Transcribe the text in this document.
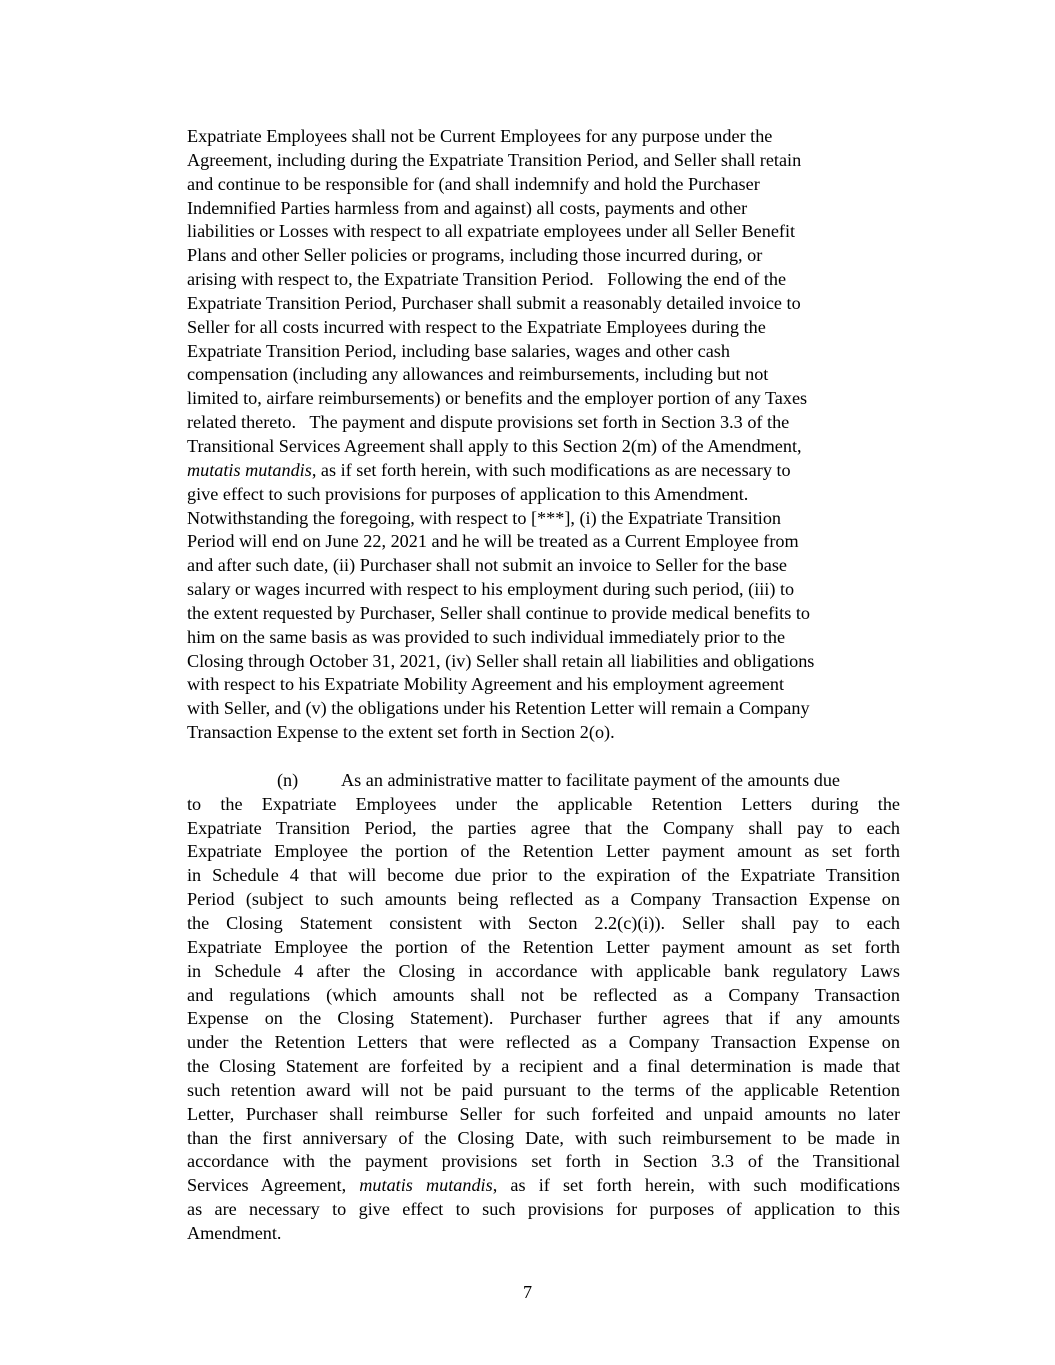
Expatriate Employees shall not be Current Employees for any purpose under the
Agreement, including during the Expatriate Transition Period, and Seller shall retain
and continue to be responsible for (and shall indemnify and hold the Purchaser
Indemnified Parties harmless from and against) all costs, payments and other
liabilities or Losses with respect to all expatriate employees under all Seller Benefit
Plans and other Seller policies or programs, including those incurred during, or
arising with respect to, the Expatriate Transition Period.   Following the end of the
Expatriate Transition Period, Purchaser shall submit a reasonably detailed invoice to
Seller for all costs incurred with respect to the Expatriate Employees during the
Expatriate Transition Period, including base salaries, wages and other cash
compensation (including any allowances and reimbursements, including but not
limited to, airfare reimbursements) or benefits and the employer portion of any Taxes
related thereto.   The payment and dispute provisions set forth in Section 3.3 of the
Transitional Services Agreement shall apply to this Section 2(m) of the Amendment,
mutatis mutandis, as if set forth herein, with such modifications as are necessary to
give effect to such provisions for purposes of application to this Amendment.
Notwithstanding the foregoing, with respect to [***], (i) the Expatriate Transition
Period will end on June 22, 2021 and he will be treated as a Current Employee from
and after such date, (ii) Purchaser shall not submit an invoice to Seller for the base
salary or wages incurred with respect to his employment during such period, (iii) to
the extent requested by Purchaser, Seller shall continue to provide medical benefits to
him on the same basis as was provided to such individual immediately prior to the
Closing through October 31, 2021, (iv) Seller shall retain all liabilities and obligations
with respect to his Expatriate Mobility Agreement and his employment agreement
with Seller, and (v) the obligations under his Retention Letter will remain a Company
Transaction Expense to the extent set forth in Section 2(o).
(n) As an administrative matter to facilitate payment of the amounts due
to the Expatriate Employees under the applicable Retention Letters during the
Expatriate Transition Period, the parties agree that the Company shall pay to each
Expatriate Employee the portion of the Retention Letter payment amount as set forth
in Schedule 4 that will become due prior to the expiration of the Expatriate Transition
Period (subject to such amounts being reflected as a Company Transaction Expense on
the Closing Statement consistent with Secton 2.2(c)(i)). Seller shall pay to each
Expatriate Employee the portion of the Retention Letter payment amount as set forth
in Schedule 4 after the Closing in accordance with applicable bank regulatory Laws
and regulations (which amounts shall not be reflected as a Company Transaction
Expense on the Closing Statement). Purchaser further agrees that if any amounts
under the Retention Letters that were reflected as a Company Transaction Expense on
the Closing Statement are forfeited by a recipient and a final determination is made that
such retention award will not be paid pursuant to the terms of the applicable Retention
Letter, Purchaser shall reimburse Seller for such forfeited and unpaid amounts no later
than the first anniversary of the Closing Date, with such reimbursement to be made in
accordance with the payment provisions set forth in Section 3.3 of the Transitional
Services Agreement, mutatis mutandis, as if set forth herein, with such modifications
as are necessary to give effect to such provisions for purposes of application to this
Amendment.
7
